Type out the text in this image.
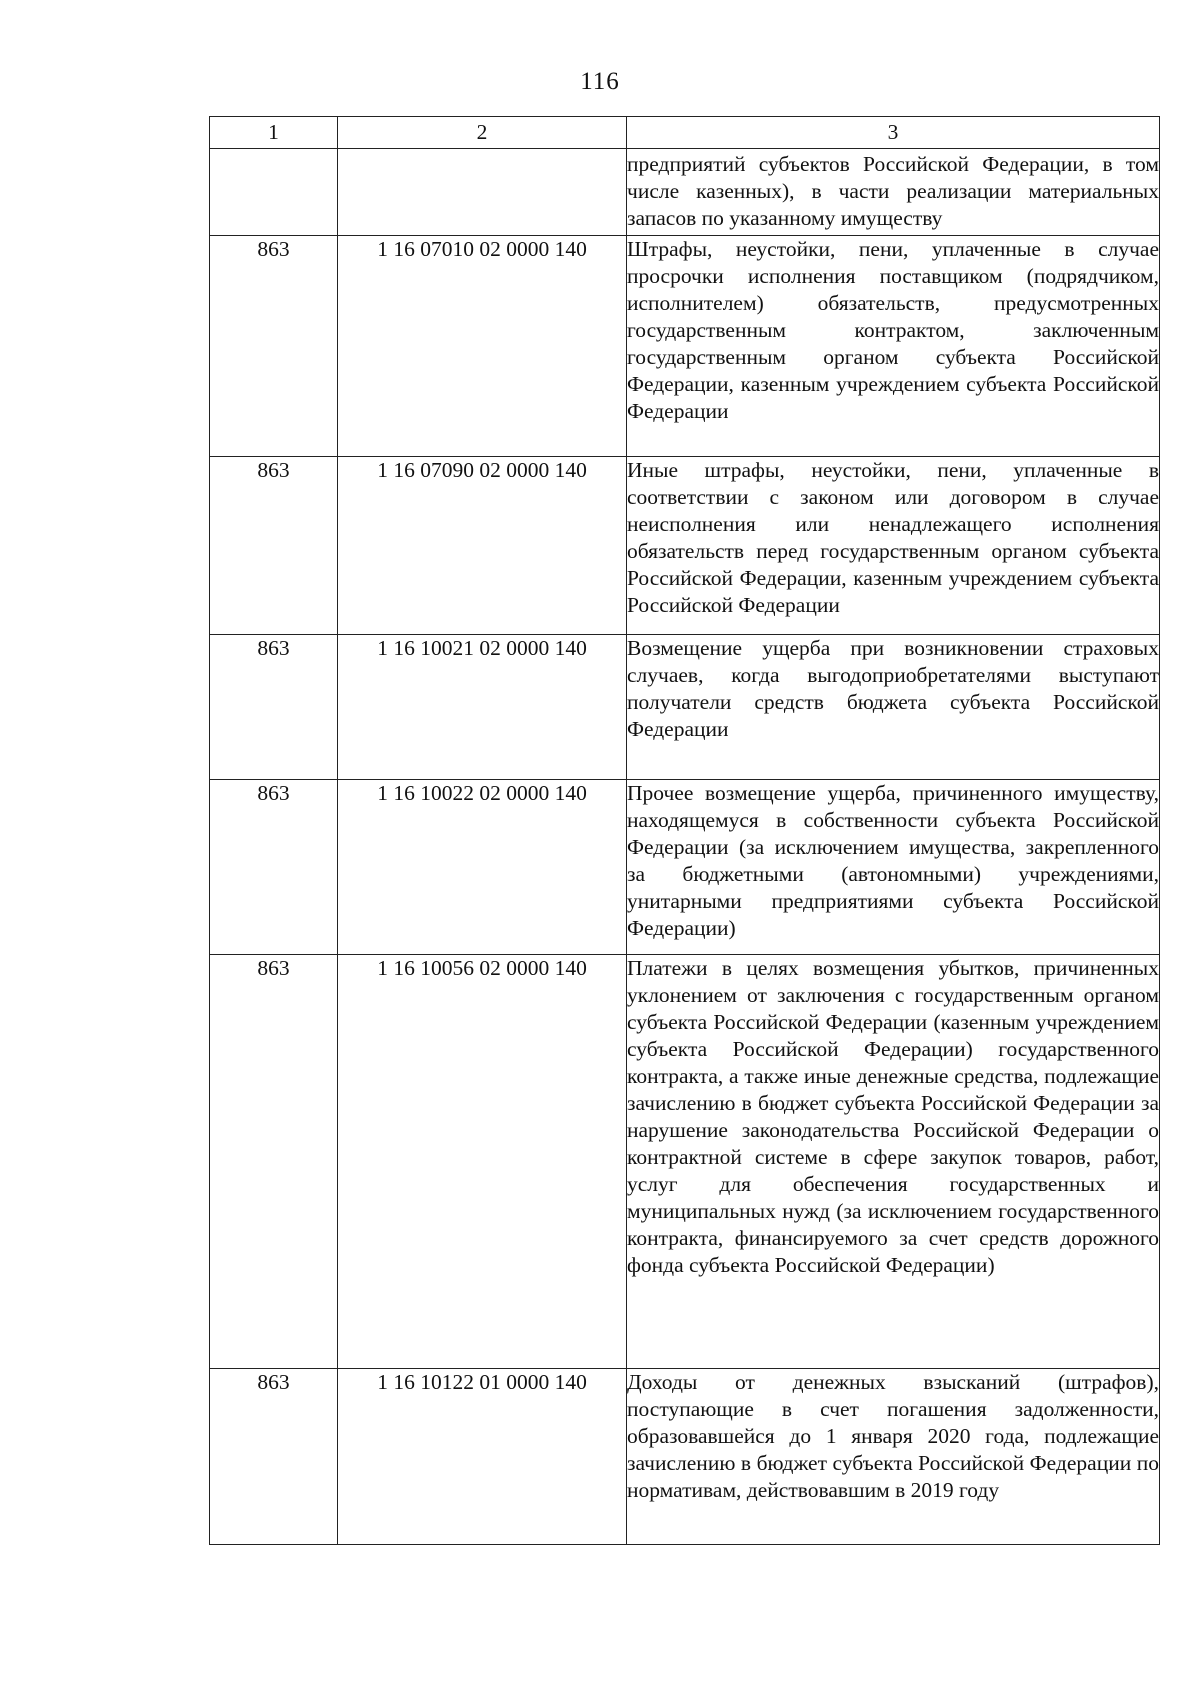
116
1	2	3
		предприятий субъектов Российской Федерации, в том числе казенных), в части реализации материальных запасов по указанному имуществу
863	1 16 07010 02 0000 140	Штрафы, неустойки, пени, уплаченные в случае просрочки исполнения поставщиком (подрядчиком, исполнителем) обязательств, предусмотренных государственным контрактом, заключенным государственным органом субъекта Российской Федерации, казенным учреждением субъекта Российской Федерации
863	1 16 07090 02 0000 140	Иные штрафы, неустойки, пени, уплаченные в соответствии с законом или договором в случае неисполнения или ненадлежащего исполнения обязательств перед государственным органом субъекта Российской Федерации, казенным учреждением субъекта Российской Федерации
863	1 16 10021 02 0000 140	Возмещение ущерба при возникновении страховых случаев, когда выгодоприобретателями выступают получатели средств бюджета субъекта Российской Федерации
863	1 16 10022 02 0000 140	Прочее возмещение ущерба, причиненного имуществу, находящемуся в собственности субъекта Российской Федерации (за исключением имущества, закрепленного за бюджетными (автономными) учреждениями, унитарными предприятиями субъекта Российской Федерации)
863	1 16 10056 02 0000 140	Платежи в целях возмещения убытков, причиненных уклонением от заключения с государственным органом субъекта Российской Федерации (казенным учреждением субъекта Российской Федерации) государственного контракта, а также иные денежные средства, подлежащие зачислению в бюджет субъекта Российской Федерации за нарушение законодательства Российской Федерации о контрактной системе в сфере закупок товаров, работ, услуг для обеспечения государственных и муниципальных нужд (за исключением государственного контракта, финансируемого за счет средств дорожного фонда субъекта Российской Федерации)
863	1 16 10122 01 0000 140	Доходы от денежных взысканий (штрафов), поступающие в счет погашения задолженности, образовавшейся до 1 января 2020 года, подлежащие зачислению в бюджет субъекта Российской Федерации по нормативам, действовавшим в 2019 году
